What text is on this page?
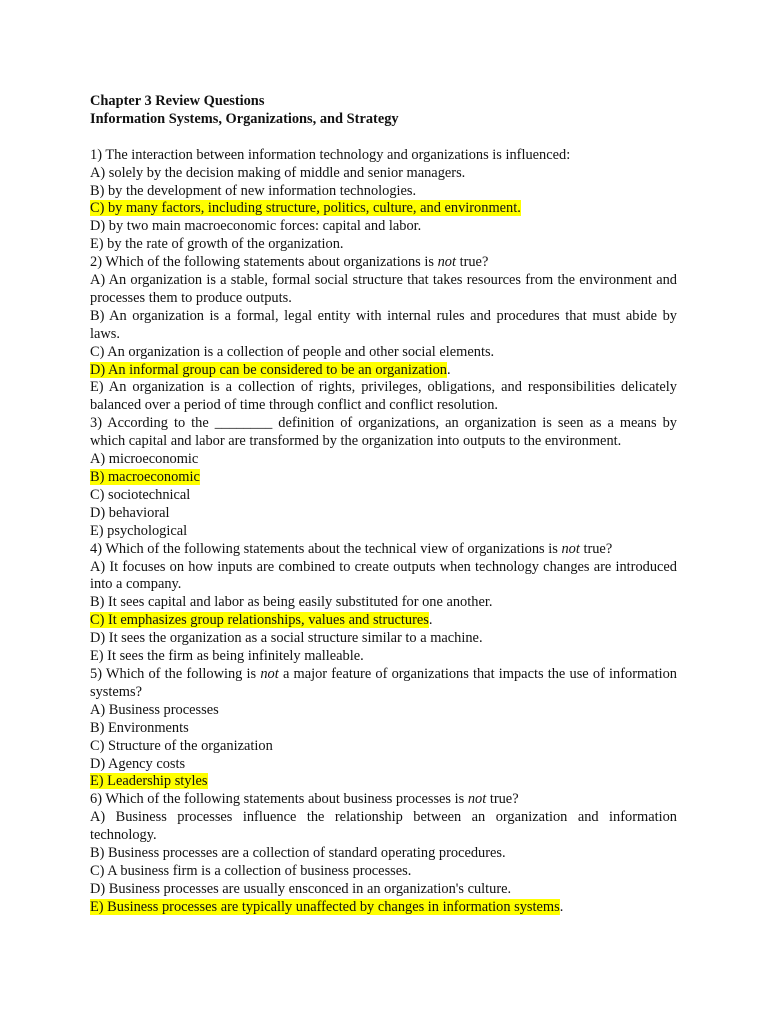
Chapter 3 Review Questions
Information Systems, Organizations, and Strategy
1) The interaction between information technology and organizations is influenced:
A) solely by the decision making of middle and senior managers.
B) by the development of new information technologies.
C) by many factors, including structure, politics, culture, and environment.
D) by two main macroeconomic forces: capital and labor.
E) by the rate of growth of the organization.
2) Which of the following statements about organizations is not true?
A) An organization is a stable, formal social structure that takes resources from the environment and processes them to produce outputs.
B) An organization is a formal, legal entity with internal rules and procedures that must abide by laws.
C) An organization is a collection of people and other social elements.
D) An informal group can be considered to be an organization.
E) An organization is a collection of rights, privileges, obligations, and responsibilities delicately balanced over a period of time through conflict and conflict resolution.
3) According to the ________ definition of organizations, an organization is seen as a means by which capital and labor are transformed by the organization into outputs to the environment.
A) microeconomic
B) macroeconomic
C) sociotechnical
D) behavioral
E) psychological
4) Which of the following statements about the technical view of organizations is not true?
A) It focuses on how inputs are combined to create outputs when technology changes are introduced into a company.
B) It sees capital and labor as being easily substituted for one another.
C) It emphasizes group relationships, values and structures.
D) It sees the organization as a social structure similar to a machine.
E) It sees the firm as being infinitely malleable.
5) Which of the following is not a major feature of organizations that impacts the use of information systems?
A) Business processes
B) Environments
C) Structure of the organization
D) Agency costs
E) Leadership styles
6) Which of the following statements about business processes is not true?
A) Business processes influence the relationship between an organization and information technology.
B) Business processes are a collection of standard operating procedures.
C) A business firm is a collection of business processes.
D) Business processes are usually ensconced in an organization's culture.
E) Business processes are typically unaffected by changes in information systems.
